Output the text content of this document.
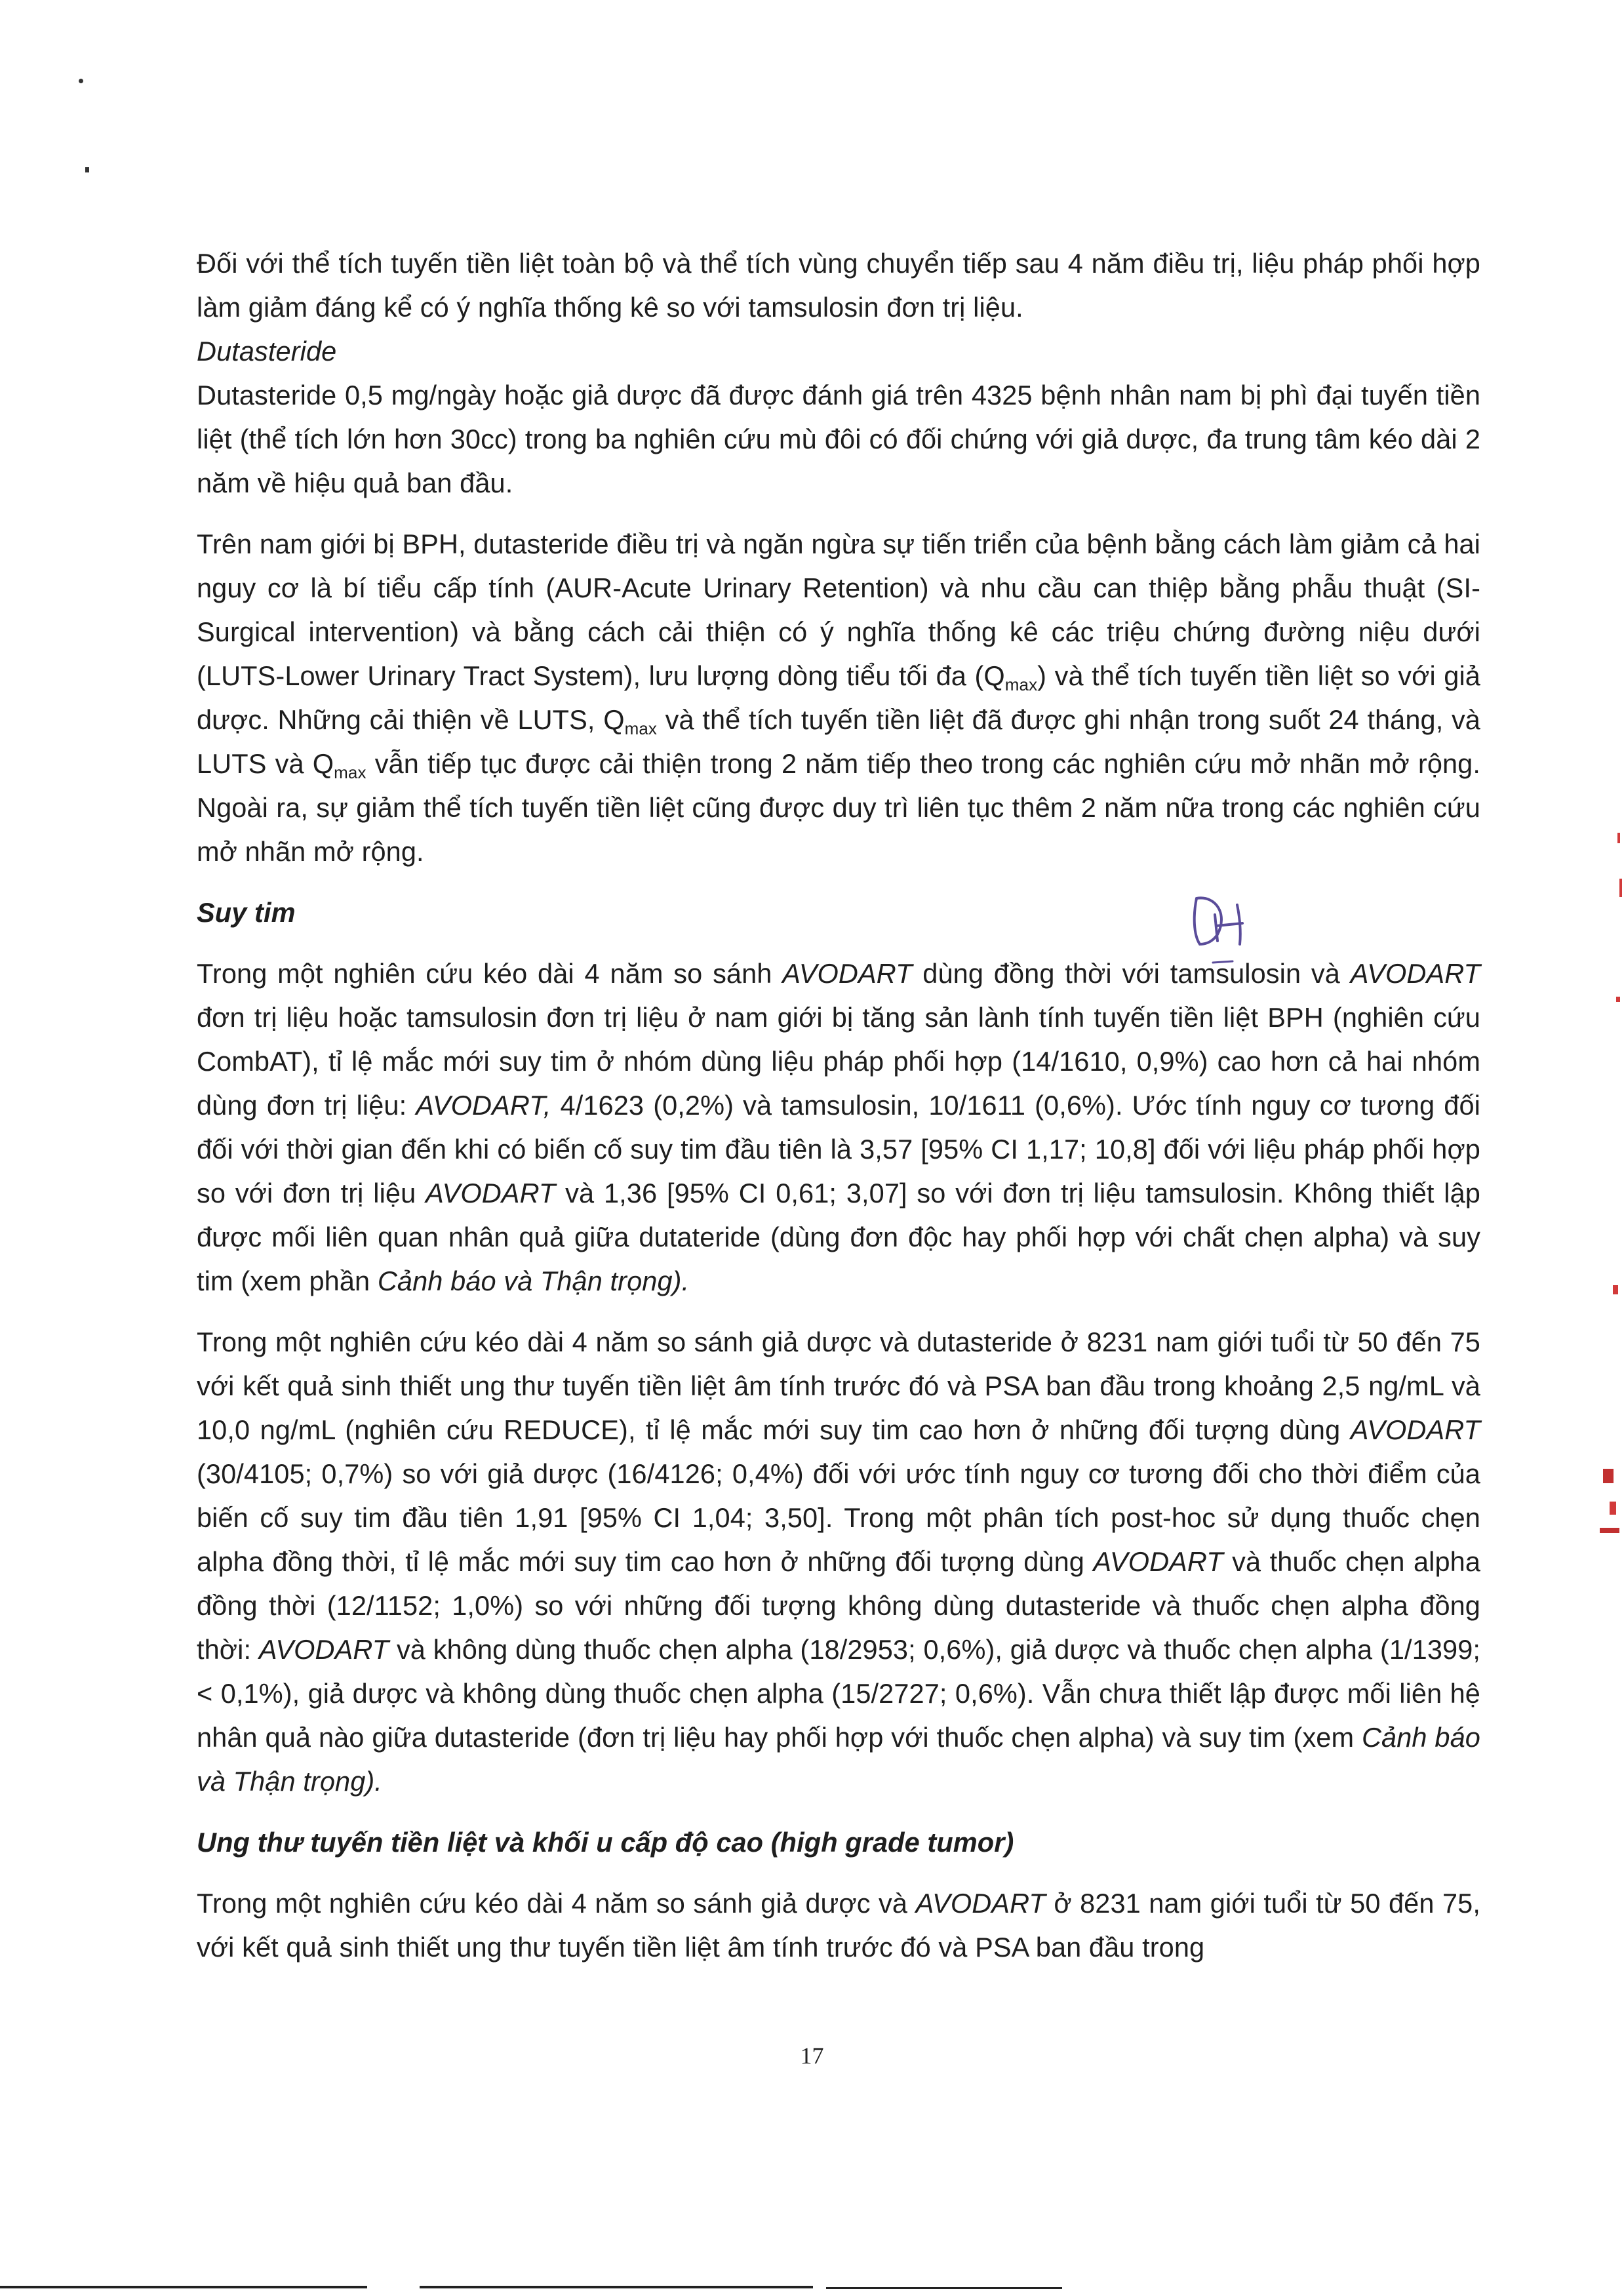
Đối với thể tích tuyến tiền liệt toàn bộ và thể tích vùng chuyển tiếp sau 4 năm điều trị, liệu pháp phối hợp làm giảm đáng kể có ý nghĩa thống kê so với tamsulosin đơn trị liệu.

Dutasteride

Dutasteride 0,5 mg/ngày hoặc giả dược đã được đánh giá trên 4325 bệnh nhân nam bị phì đại tuyến tiền liệt (thể tích lớn hơn 30cc) trong ba nghiên cứu mù đôi có đối chứng với giả dược, đa trung tâm kéo dài 2 năm về hiệu quả ban đầu.

Trên nam giới bị BPH, dutasteride điều trị và ngăn ngừa sự tiến triển của bệnh bằng cách làm giảm cả hai nguy cơ là bí tiểu cấp tính (AUR-Acute Urinary Retention) và nhu cầu can thiệp bằng phẫu thuật (SI-Surgical intervention) và bằng cách cải thiện có ý nghĩa thống kê các triệu chứng đường niệu dưới (LUTS-Lower Urinary Tract System), lưu lượng dòng tiểu tối đa $(Q_{max})$ và thể tích tuyến tiền liệt so với giả dược. Những cải thiện về LUTS, $Q_{max}$ và thể tích tuyến tiền liệt đã được ghi nhận trong suốt 24 tháng, và LUTS và $Q_{max}$ vẫn tiếp tục được cải thiện trong 2 năm tiếp theo trong các nghiên cứu mở nhãn mở rộng. Ngoài ra, sự giảm thể tích tuyến tiền liệt cũng được duy trì liên tục thêm 2 năm nữa trong các nghiên cứu mở nhãn mở rộng.

Suy tim

Trong một nghiên cứu kéo dài 4 năm so sánh AVODART dùng đồng thời với tamsulosin và AVODART đơn trị liệu hoặc tamsulosin đơn trị liệu ở nam giới bị tăng sản lành tính tuyến tiền liệt BPH (nghiên cứu CombAT), tỉ lệ mắc mới suy tim ở nhóm dùng liệu pháp phối hợp (14/1610, 0,9%) cao hơn cả hai nhóm dùng đơn trị liệu: AVODART, 4/1623 (0,2%) và tamsulosin, 10/1611 (0,6%). Ước tính nguy cơ tương đối đối với thời gian đến khi có biến cố suy tim đầu tiên là 3,57 [95% CI 1,17; 10,8] đối với liệu pháp phối hợp so với đơn trị liệu AVODART và 1,36 [95% CI 0,61; 3,07] so với đơn trị liệu tamsulosin. Không thiết lập được mối liên quan nhân quả giữa dutateride (dùng đơn độc hay phối hợp với chất chẹn alpha) và suy tim (xem phần Cảnh báo và Thận trọng).

Trong một nghiên cứu kéo dài 4 năm so sánh giả dược và dutasteride ở 8231 nam giới tuổi từ 50 đến 75 với kết quả sinh thiết ung thư tuyến tiền liệt âm tính trước đó và PSA ban đầu trong khoảng 2,5 ng/mL và 10,0 ng/mL (nghiên cứu REDUCE), tỉ lệ mắc mới suy tim cao hơn ở những đối tượng dùng AVODART (30/4105; 0,7%) so với giả dược (16/4126; 0,4%) đối với ước tính nguy cơ tương đối cho thời điểm của biến cố suy tim đầu tiên 1,91 [95% CI 1,04; 3,50]. Trong một phân tích post-hoc sử dụng thuốc chẹn alpha đồng thời, tỉ lệ mắc mới suy tim cao hơn ở những đối tượng dùng AVODART và thuốc chẹn alpha đồng thời (12/1152; 1,0%) so với những đối tượng không dùng dutasteride và thuốc chẹn alpha đồng thời: AVODART và không dùng thuốc chẹn alpha (18/2953; 0,6%), giả dược và thuốc chẹn alpha (1/1399; < 0,1%), giả dược và không dùng thuốc chẹn alpha (15/2727; 0,6%). Vẫn chưa thiết lập được mối liên hệ nhân quả nào giữa dutasteride (đơn trị liệu hay phối hợp với thuốc chẹn alpha) và suy tim (xem Cảnh báo và Thận trọng).

Ung thư tuyến tiền liệt và khối u cấp độ cao (high grade tumor)

Trong một nghiên cứu kéo dài 4 năm so sánh giả dược và AVODART ở 8231 nam giới tuổi từ 50 đến 75, với kết quả sinh thiết ung thư tuyến tiền liệt âm tính trước đó và PSA ban đầu trong

17
